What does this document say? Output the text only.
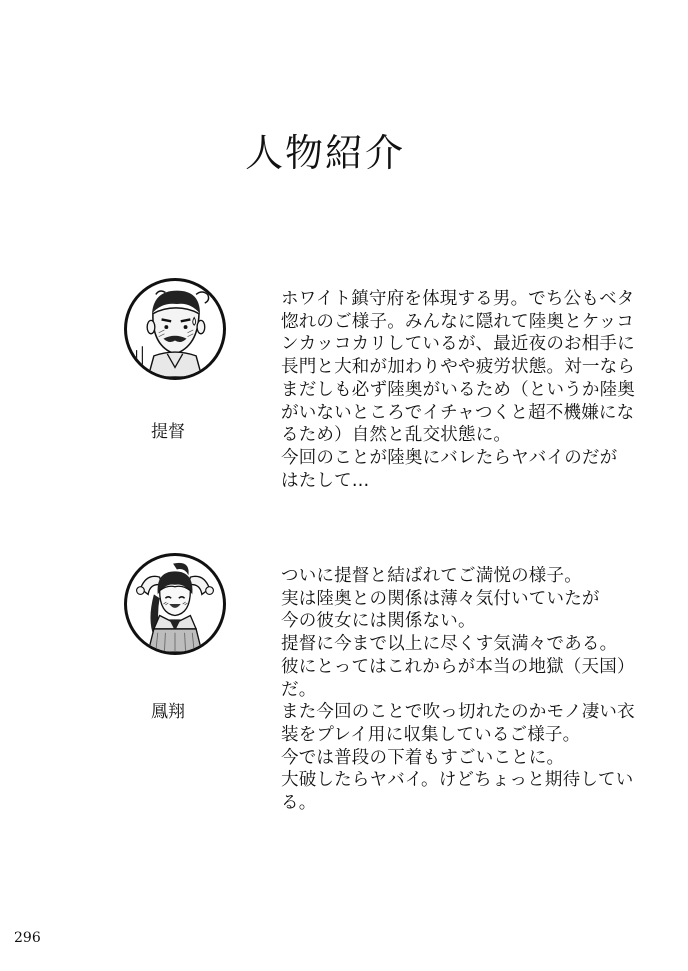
人物紹介
提督
ホワイト鎮守府を体現する男。でち公もベタ
惚れのご様子。みんなに隠れて陸奥とケッコ
ンカッコカリしているが、最近夜のお相手に
長門と大和が加わりやや疲労状態。対一なら
まだしも必ず陸奥がいるため（というか陸奥
がいないところでイチャつくと超不機嫌にな
るため）自然と乱交状態に。
今回のことが陸奥にバレたらヤバイのだが
はたして…
鳳翔
ついに提督と結ばれてご満悦の様子。
実は陸奥との関係は薄々気付いていたが
今の彼女には関係ない。
提督に今まで以上に尽くす気満々である。
彼にとってはこれからが本当の地獄（天国）
だ。
また今回のことで吹っ切れたのかモノ凄い衣
装をプレイ用に収集しているご様子。
今では普段の下着もすごいことに。
大破したらヤバイ。けどちょっと期待してい
る。
296
